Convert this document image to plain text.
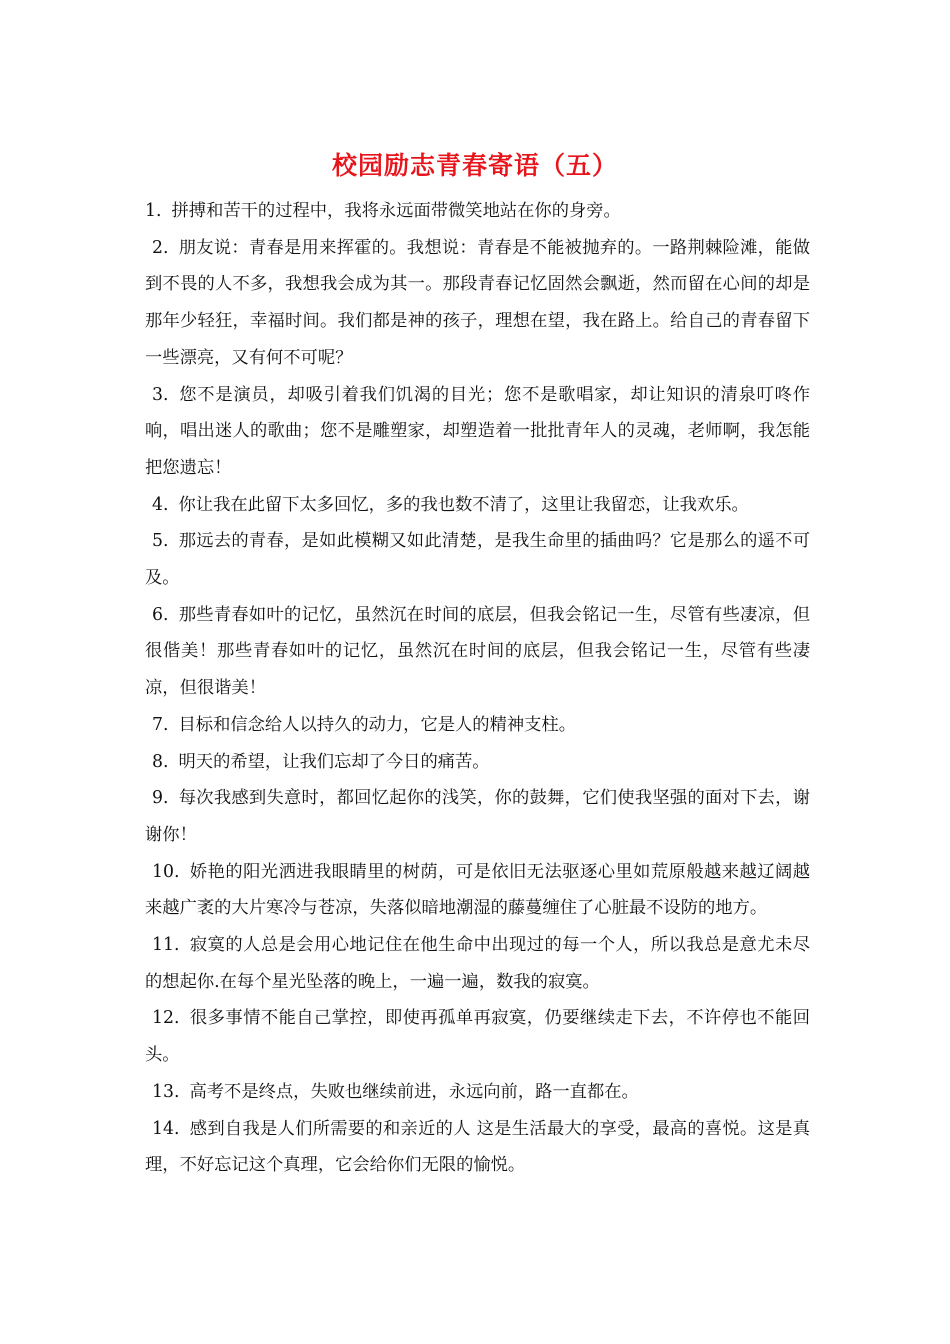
校园励志青春寄语（五）

1. 拼搏和苦干的过程中，我将永远面带微笑地站在你的身旁。

2. 朋友说：青春是用来挥霍的。我想说：青春是不能被抛弃的。一路荆棘险滩，能做到不畏的人不多，我想我会成为其一。那段青春记忆固然会飘逝，然而留在心间的却是那年少轻狂，幸福时间。我们都是神的孩子，理想在望，我在路上。给自己的青春留下一些漂亮，又有何不可呢？

3. 您不是演员，却吸引着我们饥渴的目光；您不是歌唱家，却让知识的清泉叮咚作响，唱出迷人的歌曲；您不是雕塑家，却塑造着一批批青年人的灵魂，老师啊，我怎能把您遗忘！

4. 你让我在此留下太多回忆，多的我也数不清了，这里让我留恋，让我欢乐。

5. 那远去的青春，是如此模糊又如此清楚，是我生命里的插曲吗？它是那么的遥不可及。

6. 那些青春如叶的记忆，虽然沉在时间的底层，但我会铭记一生，尽管有些凄凉，但很偕美！那些青春如叶的记忆，虽然沉在时间的底层，但我会铭记一生，尽管有些凄凉，但很谐美！

7. 目标和信念给人以持久的动力，它是人的精神支柱。

8. 明天的希望，让我们忘却了今日的痛苦。

9. 每次我感到失意时，都回忆起你的浅笑，你的鼓舞，它们使我坚强的面对下去，谢谢你！

10. 娇艳的阳光洒进我眼睛里的树荫，可是依旧无法驱逐心里如荒原般越来越辽阔越来越广袤的大片寒冷与苍凉，失落似暗地潮湿的藤蔓缠住了心脏最不设防的地方。

11. 寂寞的人总是会用心地记住在他生命中出现过的每一个人，所以我总是意尤未尽的想起你.在每个星光坠落的晚上，一遍一遍，数我的寂寞。

12. 很多事情不能自己掌控，即使再孤单再寂寞，仍要继续走下去，不许停也不能回头。

13. 高考不是终点，失败也继续前进，永远向前，路一直都在。

14. 感到自我是人们所需要的和亲近的人 这是生活最大的享受，最高的喜悦。这是真理，不好忘记这个真理，它会给你们无限的愉悦。
